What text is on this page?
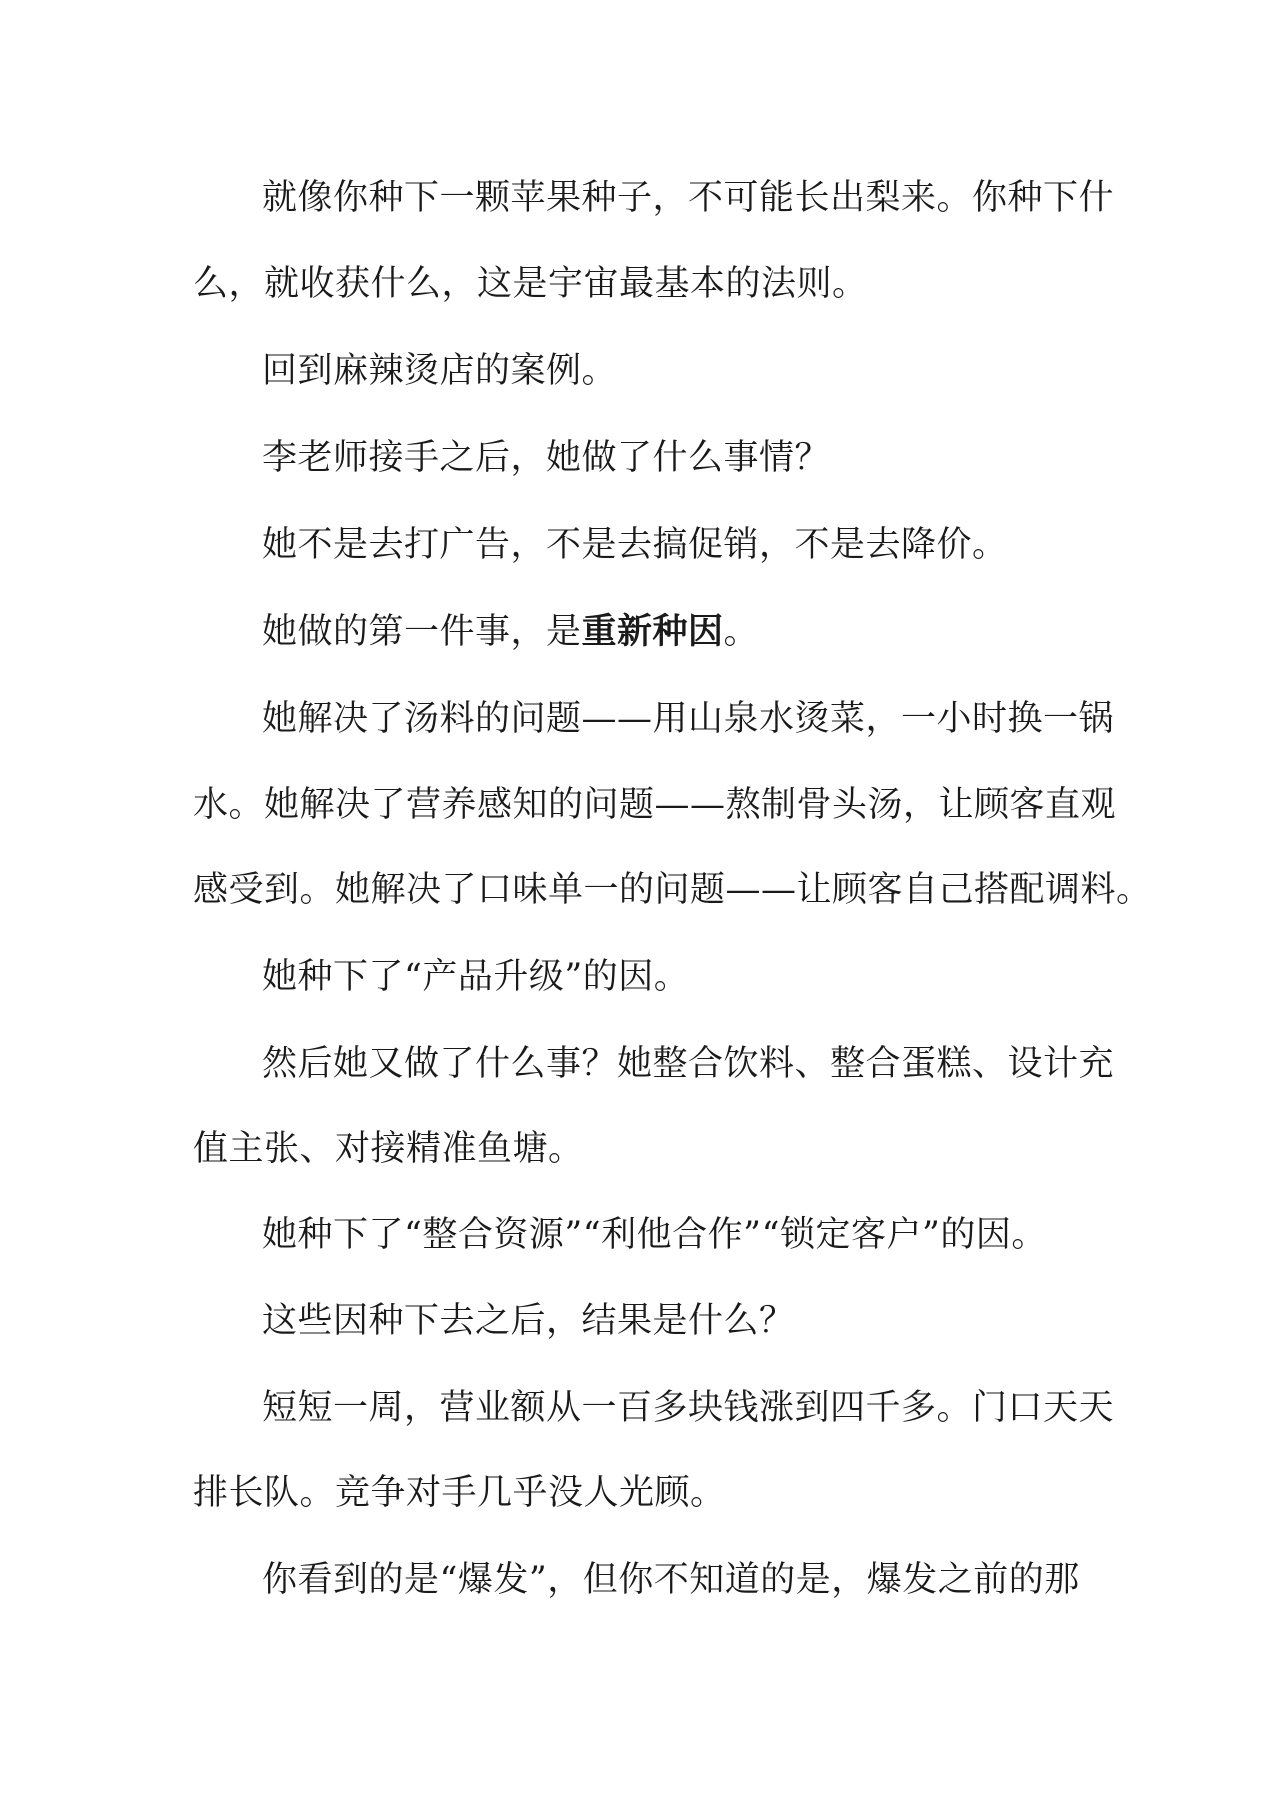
就像你种下一颗苹果种子，不可能长出梨来。你种下什
么，就收获什么，这是宇宙最基本的法则。
回到麻辣烫店的案例。
李老师接手之后，她做了什么事情？
她不是去打广告，不是去搞促销，不是去降价。
她做的第一件事，是重新种因。
她解决了汤料的问题——用山泉水烫菜，一小时换一锅
水。她解决了营养感知的问题——熬制骨头汤，让顾客直观
感受到。她解决了口味单一的问题——让顾客自己搭配调料。
她种下了“产品升级”的因。
然后她又做了什么事？她整合饮料、整合蛋糕、设计充
值主张、对接精准鱼塘。
她种下了“整合资源”“利他合作”“锁定客户”的因。
这些因种下去之后，结果是什么？
短短一周，营业额从一百多块钱涨到四千多。门口天天
排长队。竞争对手几乎没人光顾。
你看到的是“爆发”，但你不知道的是，爆发之前的那
